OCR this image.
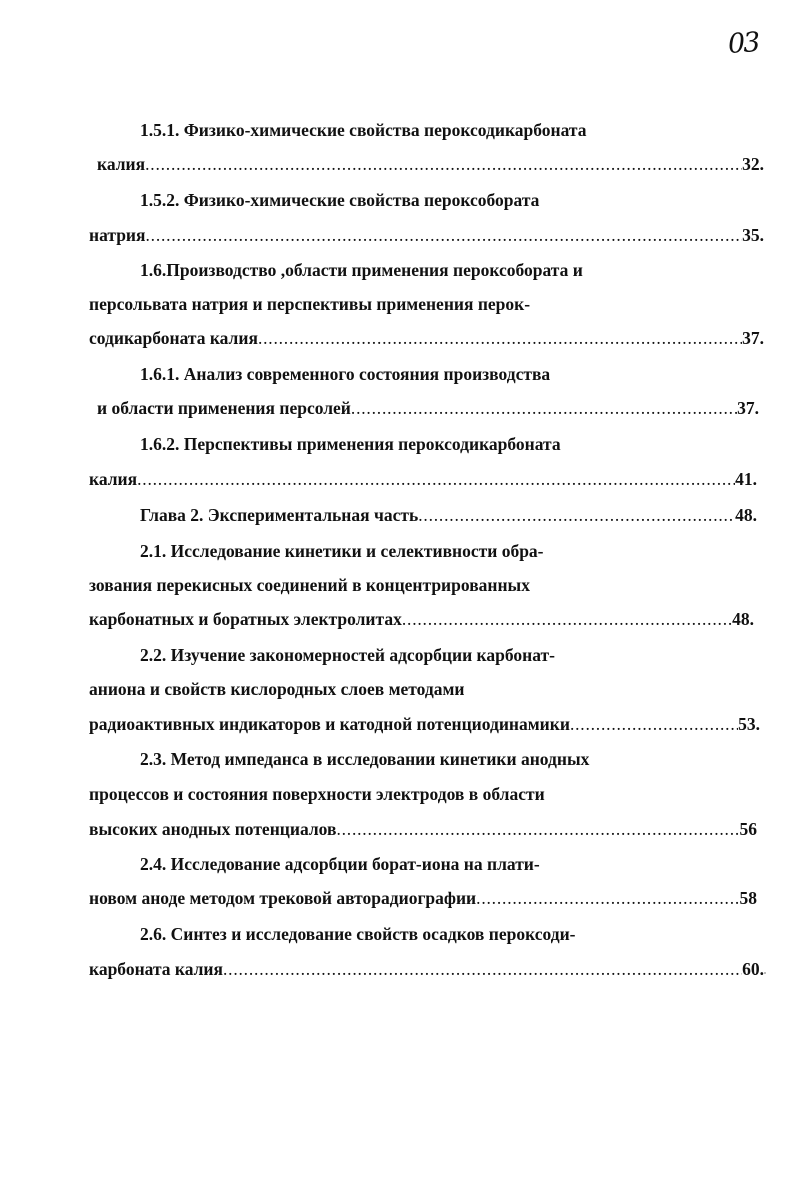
03

1.5.1. Физико-химические свойства пероксодикарбоната

калия .....	32.

1.5.2. Физико-химические свойства пероксобората

натрия .....	35.

1.6.Производство ,области применения пероксобората и

персольвата натрия и перспективы применения перок-

содикарбоната калия .....	37.

1.6.1. Анализ современного состояния производства

и области применения персолей .....	37.

1.6.2. Перспективы применения пероксодикарбоната

калия .....	41.
Глава 2. Экспериментальная часть .....	48.

2.1. Исследование кинетики и селективности обра-

зования перекисных соединений в концентрированных

карбонатных и боратных электролитах .....	48.

2.2. Изучение закономерностей адсорбции карбонат-

аниона и свойств кислородных слоев методами

радиоактивных индикаторов и катодной потенциодинамики .....	53.

2.3. Метод импеданса в исследовании кинетики анодных

процессов и состояния поверхности электродов в области

высоких анодных потенциалов .....	56

2.4. Исследование адсорбции борат-иона на плати-

новом аноде методом трековой авторадиографии .....	58

2.6. Синтез и исследование свойств осадков пероксоди-

карбоната калия .....	60.
